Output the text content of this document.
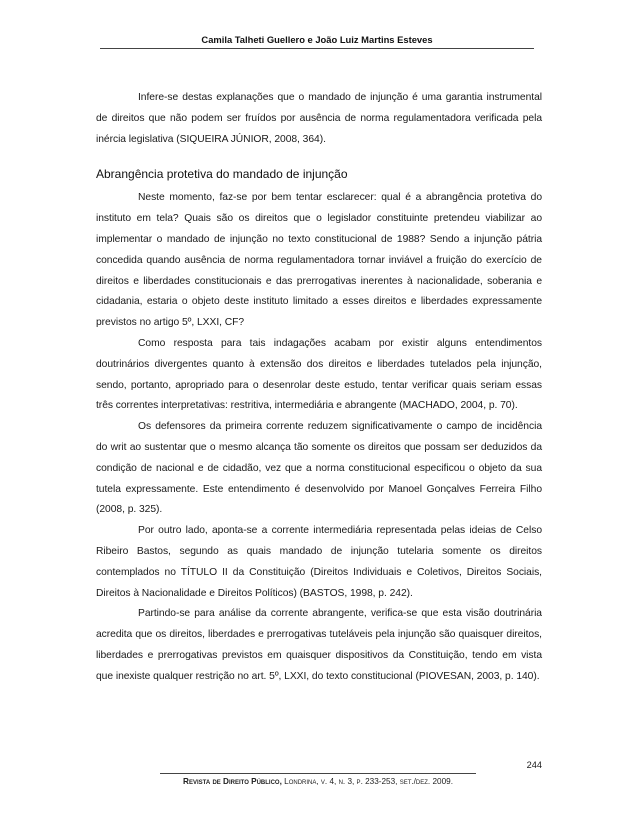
Camila Talheti Guellero e João Luiz Martins Esteves

Infere-se destas explanações que o mandado de injunção é uma garantia instrumental de direitos que não podem ser fruídos por ausência de norma regulamentadora verificada pela inércia legislativa (SIQUEIRA JÚNIOR, 2008, 364).

Abrangência protetiva do mandado de injunção

Neste momento, faz-se por bem tentar esclarecer: qual é a abrangência protetiva do instituto em tela? Quais são os direitos que o legislador constituinte pretendeu viabilizar ao implementar o mandado de injunção no texto constitucional de 1988? Sendo a injunção pátria concedida quando ausência de norma regulamentadora tornar inviável a fruição do exercício de direitos e liberdades constitucionais e das prerrogativas inerentes à nacionalidade, soberania e cidadania, estaria o objeto deste instituto limitado a esses direitos e liberdades expressamente previstos no artigo 5º, LXXI, CF?

Como resposta para tais indagações acabam por existir alguns entendimentos doutrinários divergentes quanto à extensão dos direitos e liberdades tutelados pela injunção, sendo, portanto, apropriado para o desenrolar deste estudo, tentar verificar quais seriam essas três correntes interpretativas: restritiva, intermediária e abrangente (MACHADO, 2004, p. 70).

Os defensores da primeira corrente reduzem significativamente o campo de incidência do writ ao sustentar que o mesmo alcança tão somente os direitos que possam ser deduzidos da condição de nacional e de cidadão, vez que a norma constitucional especificou o objeto da sua tutela expressamente. Este entendimento é desenvolvido por Manoel Gonçalves Ferreira Filho (2008, p. 325).

Por outro lado, aponta-se a corrente intermediária representada pelas ideias de Celso Ribeiro Bastos, segundo as quais mandado de injunção tutelaria somente os direitos contemplados no TÍTULO II da Constituição (Direitos Individuais e Coletivos, Direitos Sociais, Direitos à Nacionalidade e Direitos Políticos) (BASTOS, 1998, p. 242).

Partindo-se para análise da corrente abrangente, verifica-se que esta visão doutrinária acredita que os direitos, liberdades e prerrogativas tuteláveis pela injunção são quaisquer direitos, liberdades e prerrogativas previstos em quaisquer dispositivos da Constituição, tendo em vista que inexiste qualquer restrição no art. 5º, LXXI, do texto constitucional (PIOVESAN, 2003, p. 140).

244
Revista de Direito Público, Londrina, v. 4, n. 3, p. 233-253, set./dez. 2009.
